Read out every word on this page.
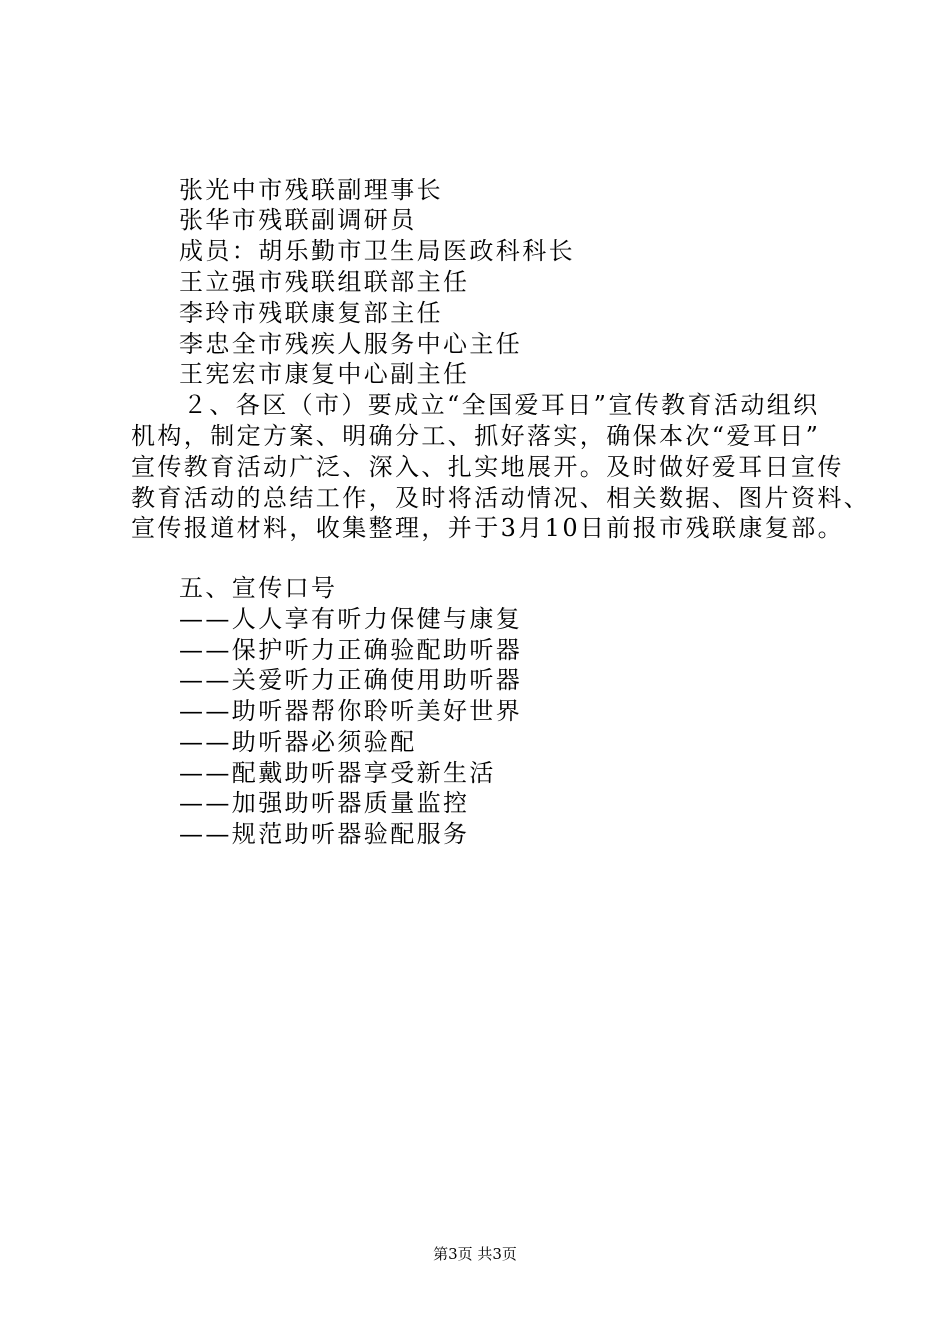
张光中市残联副理事长
张华市残联副调研员
成员：胡乐勤市卫生局医政科科长
王立强市残联组联部主任
李玲市残联康复部主任
李忠全市残疾人服务中心主任
王宪宏市康复中心副主任
２、各区（市）要成立“全国爱耳日”宣传教育活动组织
机构，制定方案、明确分工、抓好落实，确保本次“爱耳日”
宣传教育活动广泛、深入、扎实地展开。及时做好爱耳日宣传
教育活动的总结工作，及时将活动情况、相关数据、图片资料、
宣传报道材料，收集整理，并于3月10日前报市残联康复部。
五、宣传口号
——人人享有听力保健与康复
——保护听力正确验配助听器
——关爱听力正确使用助听器
——助听器帮你聆听美好世界
——助听器必须验配
——配戴助听器享受新生活
——加强助听器质量监控
——规范助听器验配服务
第3页 共3页
